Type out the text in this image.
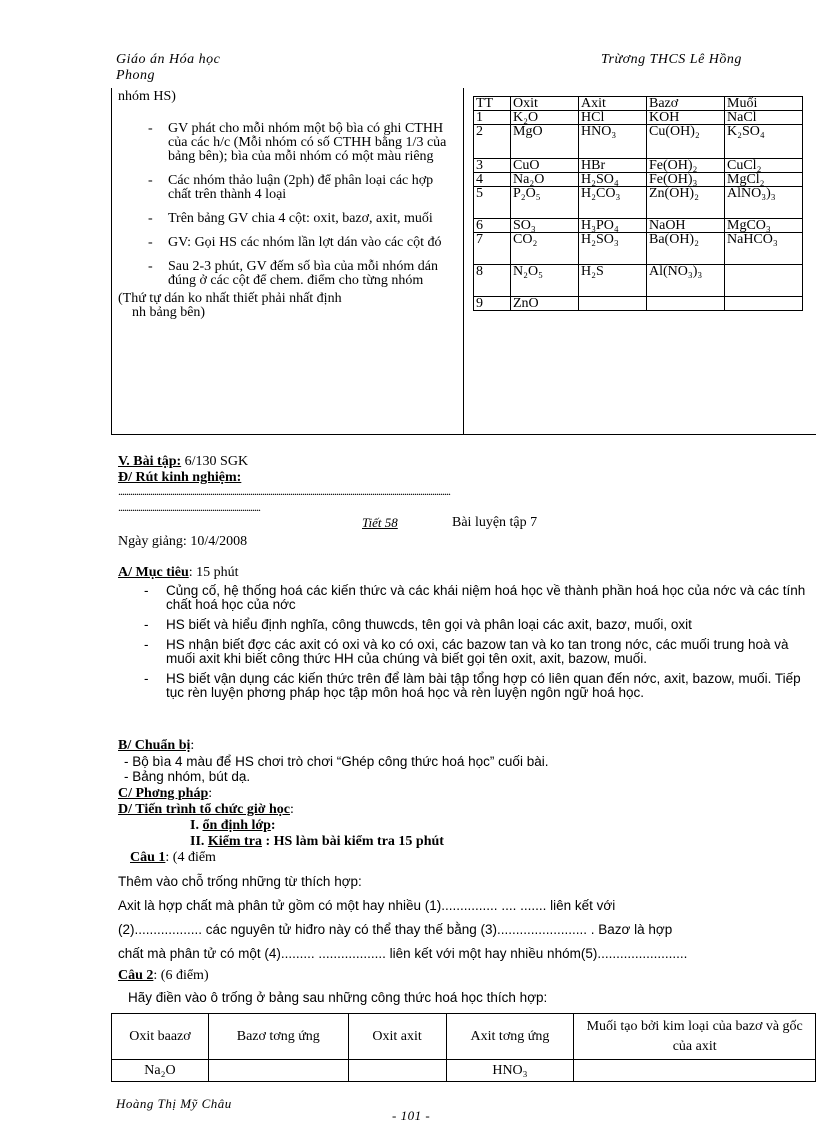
Giáo án Hóa học
Phong
Trừơng THCS Lê Hồng
nhóm HS)
- GV phát cho mỗi nhóm một bộ bìa có ghi CTHH của các h/c (Mỗi nhóm có số CTHH bằng 1/3 của bảng bên); bìa của mỗi nhóm có một màu riêng
- Các nhóm thảo luận (2ph) để phân loại các hợp chất trên thành 4 loại
- Trên bảng GV chia 4 cột: oxit, bazơ, axit, muối
- GV: Gọi HS các nhóm lần lợt dán vào các cột đó
- Sau 2-3 phút, GV đếm số bìa của mỗi nhóm dán đúng ở các cột để chem. điểm cho từng nhóm
(Thứ tự dán ko nhất thiết phải nhất định
nh bảng bên)
TT	Oxit	Axit	Bazơ	Muối
1	K₂O	HCl	KOH	NaCl
2	MgO	HNO₃	Cu(OH)₂	K₂SO₄
3	CuO	HBr	Fe(OH)₂	CuCl₂
4	Na₂O	H₂SO₄	Fe(OH)₃	MgCl₂
5	P₂O₅	H₂CO₃	Zn(OH)₂	AlNO₃)₃
6	SO₃	H₃PO₄	NaOH	MgCO₃
7	CO₂	H₂SO₃	Ba(OH)₂	NaHCO₃
8	N₂O₅	H₂S	Al(NO₃)₃	
9	ZnO			
V. Bài tập: 6/130 SGK
Đ/ Rút kinh nghiệm:
......................................................................................................................................................................
.......................................................................
Tiết 58	Bài luyện tập 7
Ngày giảng: 10/4/2008
A/ Mục tiêu: 15 phút
- Củng cố, hệ thống hoá các kiến thức và các khái niệm hoá học về thành phần hoá học của nớc và các tính chất hoá học của nớc
- HS biết và hiểu định nghĩa, công thuwcds, tên gọi và phân loại các axit, bazơ, muối, oxit
- HS nhận biết đợc các axit có oxi và ko có oxi, các bazow tan và ko tan trong nớc, các muối trung hoà và muối axit khi biết công thức HH của chúng và biết gọi tên oxit, axit, bazow, muối.
- HS biết vận dụng các kiến thức trên để làm bài tập tổng hợp có liên quan đến nớc, axit, bazow, muối. Tiếp tục rèn luyện phơng pháp học tập môn hoá học và rèn luyện ngôn ngữ hoá học.
B/ Chuẩn bị:
- Bộ bìa 4 màu để HS chơi trò chơi “Ghép công thức hoá học” cuối bài.
- Bảng nhóm, bút dạ.
C/ Phơng pháp:
D/ Tiến trình tổ chức giờ học:
I. ổn định lớp:
II. Kiểm tra : HS làm bài kiểm tra 15 phút
Câu 1: (4 điểm
Thêm vào chỗ trống những từ thích hợp:
Axit là hợp chất mà phân tử gồm có một hay nhiều (1)............... .... ....... liên kết với
(2).................. các nguyên tử hiđro này có thể thay thế bằng (3)........................ . Bazơ là hợp
chất mà phân tử có một (4)......... .................. liên kết với một hay nhiều nhóm(5)........................
Câu 2: (6 điểm)
Hãy điền vào ô trống ở bảng sau những công thức hoá học thích hợp:
Oxit baazơ	Bazơ tơng ứng	Oxit axit	Axit tơng ứng	Muối tạo bởi kim loại của bazơ và gốc của axit
Na₂O			HNO₃	
Hoàng Thị Mỹ Châu
- 101 -
